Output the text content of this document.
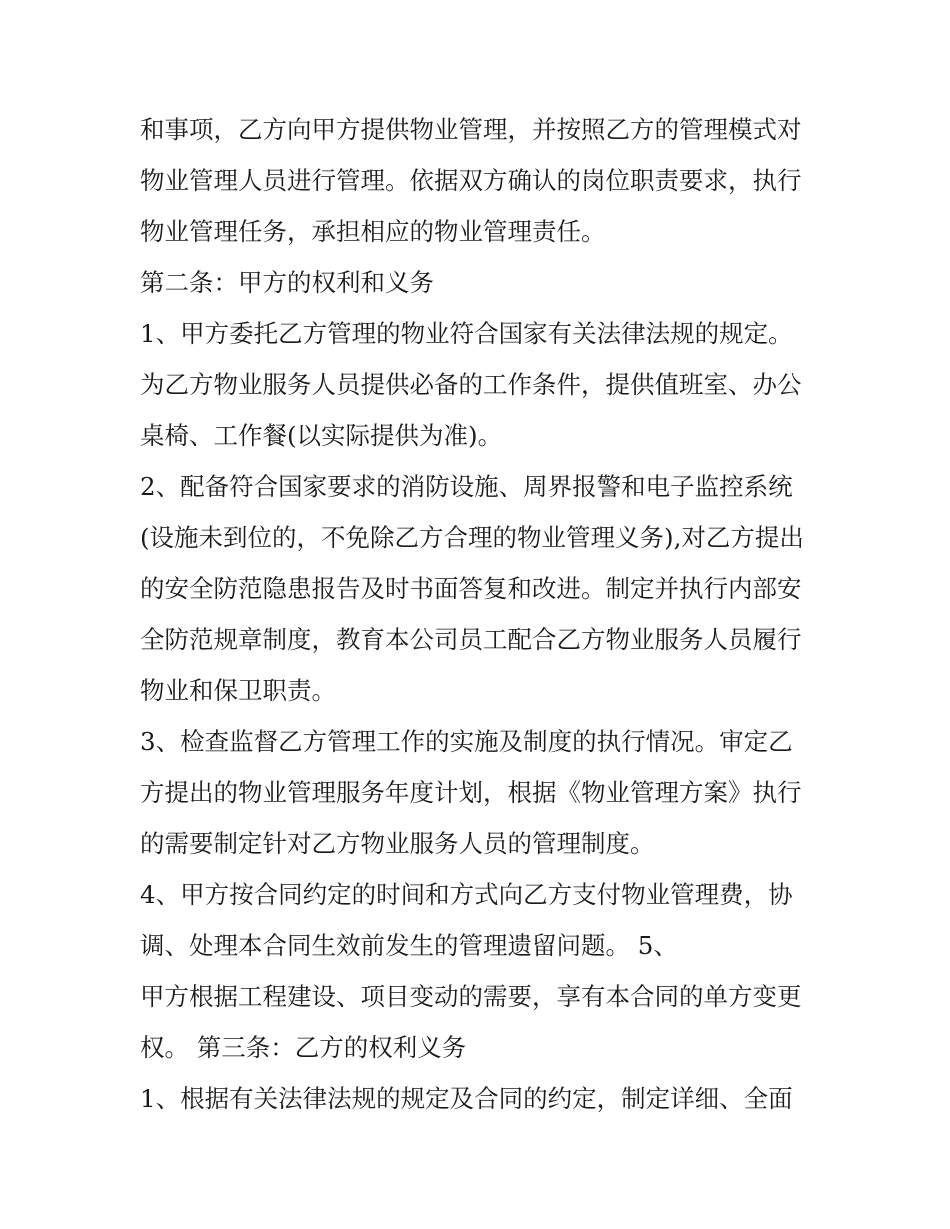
和事项，乙方向甲方提供物业管理，并按照乙方的管理模式对
物业管理人员进行管理。依据双方确认的岗位职责要求，执行
物业管理任务，承担相应的物业管理责任。
第二条：甲方的权利和义务
1、甲方委托乙方管理的物业符合国家有关法律法规的规定。
为乙方物业服务人员提供必备的工作条件，提供值班室、办公
桌椅、工作餐(以实际提供为准)。
2、配备符合国家要求的消防设施、周界报警和电子监控系统
(设施未到位的，不免除乙方合理的物业管理义务),对乙方提出
的安全防范隐患报告及时书面答复和改进。制定并执行内部安
全防范规章制度，教育本公司员工配合乙方物业服务人员履行
物业和保卫职责。
3、检查监督乙方管理工作的实施及制度的执行情况。审定乙
方提出的物业管理服务年度计划，根据《物业管理方案》执行
的需要制定针对乙方物业服务人员的管理制度。
4、甲方按合同约定的时间和方式向乙方支付物业管理费，协
调、处理本合同生效前发生的管理遗留问题。 5、
甲方根据工程建设、项目变动的需要，享有本合同的单方变更
权。 第三条：乙方的权利义务
1、根据有关法律法规的规定及合同的约定，制定详细、全面
